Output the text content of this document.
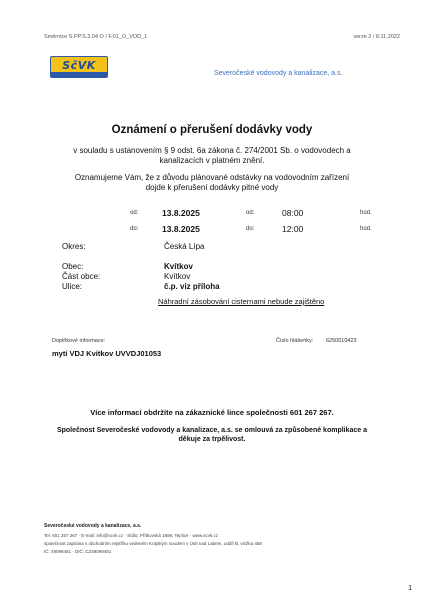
Směrnice S.PP.S.3.04 O / F.01_O_VOD_1	verze 2 / 8.11.2022
SčVK
Severočeské vodovody a kanalizace, a.s.
Oznámení o přerušení dodávky vody
v souladu s ustanovením § 9 odst. 6a zákona č. 274/2001 Sb. o vodovodech a
kanalizacích v platném znění.
Oznamujeme Vám, že z důvodu plánované odstávky na vodovodním zařízení
dojde k přerušení dodávky pitné vody
od:	13.8.2025	od:	08:00	hod.
do:	13.8.2025	do:	12:00	hod.
Okres:	Česká Lípa
Obec:	Kvítkov
Část obce:	Kvítkov
Ulice:	č.p. viz příloha
Náhradní zásobování cisternami nebude zajištěno
Doplňkové informace:	Číslo hlášenky: 6250010423
mytí VDJ Kvítkov UVVDJ01053
Více informací obdržíte na zákaznické lince společnosti 601 267 267.
Společnost Severočeské vodovody a kanalizace, a.s. se omlouvá za způsobené komplikace a
děkuje za trpělivost.
Severočeské vodovody a kanalizace, a.s.
Tel. 601 267 267 · E-mail: info@scvk.cz · Sídlo: Přítkovská 1689, Teplice · www.scvk.cz
společnost zapsána v obchodním rejstříku vedeném Krajským soudem v Ústí nad Labem, oddíl B, vložka 468
IČ: 49099451 · DIČ: CZ49099451
1
